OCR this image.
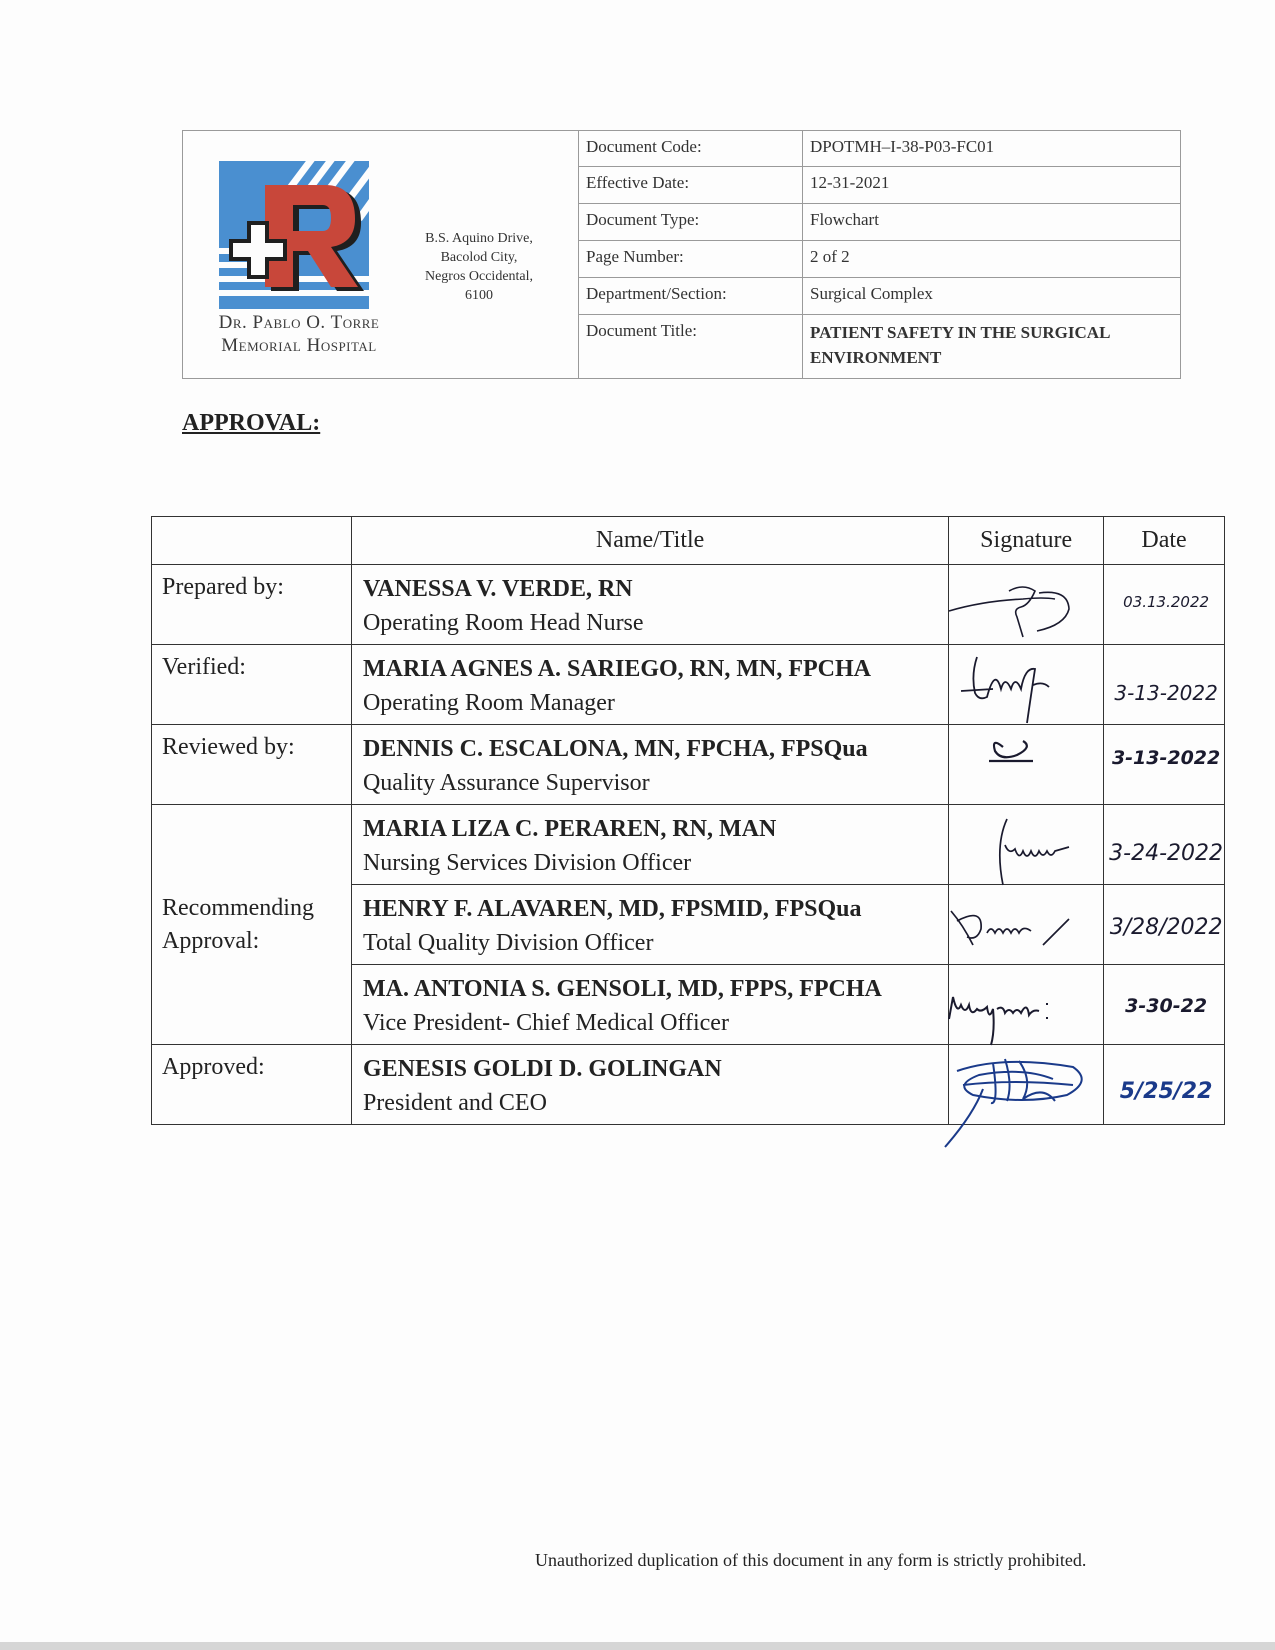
Dr. Pablo O. Torre
Memorial Hospital
B.S. Aquino Drive,
Bacolod City,
Negros Occidental,
6100
Document Code:	DPOTMH–I-38-P03-FC01
Effective Date:	12-31-2021
Document Type:	Flowchart
Page Number:	2 of 2
Department/Section:	Surgical Complex
Document Title:	PATIENT SAFETY IN THE SURGICAL ENVIRONMENT
APPROVAL:
	Name/Title	Signature	Date
Prepared by:	VANESSA V. VERDE, RN
Operating Room Head Nurse		03.13.2022

Verified:	MARIA AGNES A. SARIEGO, RN, MN, FPCHA
Operating Room Manager		3-13-2022

Reviewed by:	DENNIS C. ESCALONA, MN, FPCHA, FPSQua
Quality Assurance Supervisor		3-13-2022

Recommending
Approval:	MARIA LIZA C. PERAREN, RN, MAN
Nursing Services Division Officer		3-24-2022

	HENRY F. ALAVAREN, MD, FPSMID, FPSQua
Total Quality Division Officer		3/28/2022

	MA. ANTONIA S. GENSOLI, MD, FPPS, FPCHA
Vice President- Chief Medical Officer		3-30-22

Approved:	GENESIS GOLDI D. GOLINGAN
President and CEO		5/25/22
Unauthorized duplication of this document in any form is strictly prohibited.
